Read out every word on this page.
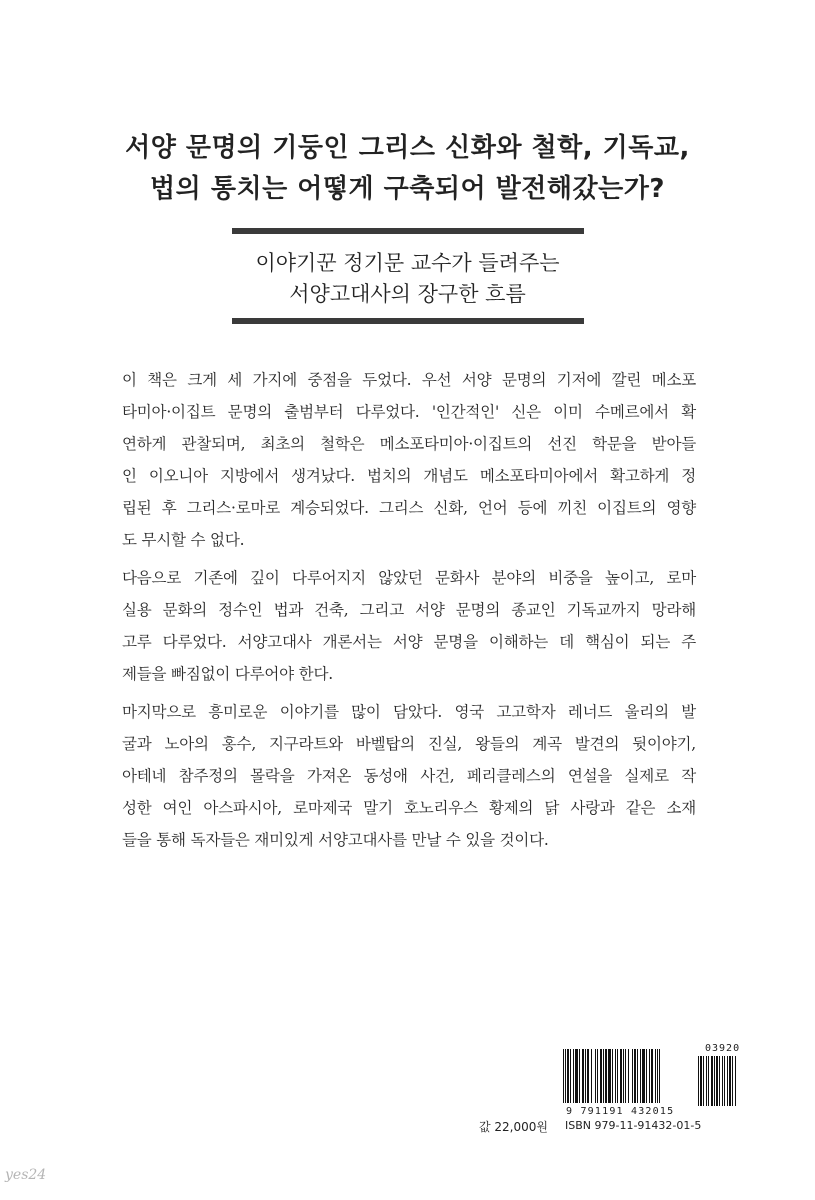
서양 문명의 기둥인 그리스 신화와 철학, 기독교,
법의 통치는 어떻게 구축되어 발전해갔는가?
이야기꾼 정기문 교수가 들려주는
서양고대사의 장구한 흐름
이 책은 크게 세 가지에 중점을 두었다. 우선 서양 문명의 기저에 깔린 메소포
타미아·이집트 문명의 출범부터 다루었다. '인간적인' 신은 이미 수메르에서 확
연하게 관찰되며, 최초의 철학은 메소포타미아·이집트의 선진 학문을 받아들
인 이오니아 지방에서 생겨났다. 법치의 개념도 메소포타미아에서 확고하게 정
립된 후 그리스·로마로 계승되었다. 그리스 신화, 언어 등에 끼친 이집트의 영향
도 무시할 수 없다.
다음으로 기존에 깊이 다루어지지 않았던 문화사 분야의 비중을 높이고, 로마
실용 문화의 정수인 법과 건축, 그리고 서양 문명의 종교인 기독교까지 망라해
고루 다루었다. 서양고대사 개론서는 서양 문명을 이해하는 데 핵심이 되는 주
제들을 빠짐없이 다루어야 한다.
마지막으로 흥미로운 이야기를 많이 담았다. 영국 고고학자 레너드 울리의 발
굴과 노아의 홍수, 지구라트와 바벨탑의 진실, 왕들의 계곡 발견의 뒷이야기,
아테네 참주정의 몰락을 가져온 동성애 사건, 페리클레스의 연설을 실제로 작
성한 여인 아스파시아, 로마제국 말기 호노리우스 황제의 닭 사랑과 같은 소재
들을 통해 독자들은 재미있게 서양고대사를 만날 수 있을 것이다.
03920
9 791191 432015
값 22,000원 ISBN 979-11-91432-01-5
yes24
